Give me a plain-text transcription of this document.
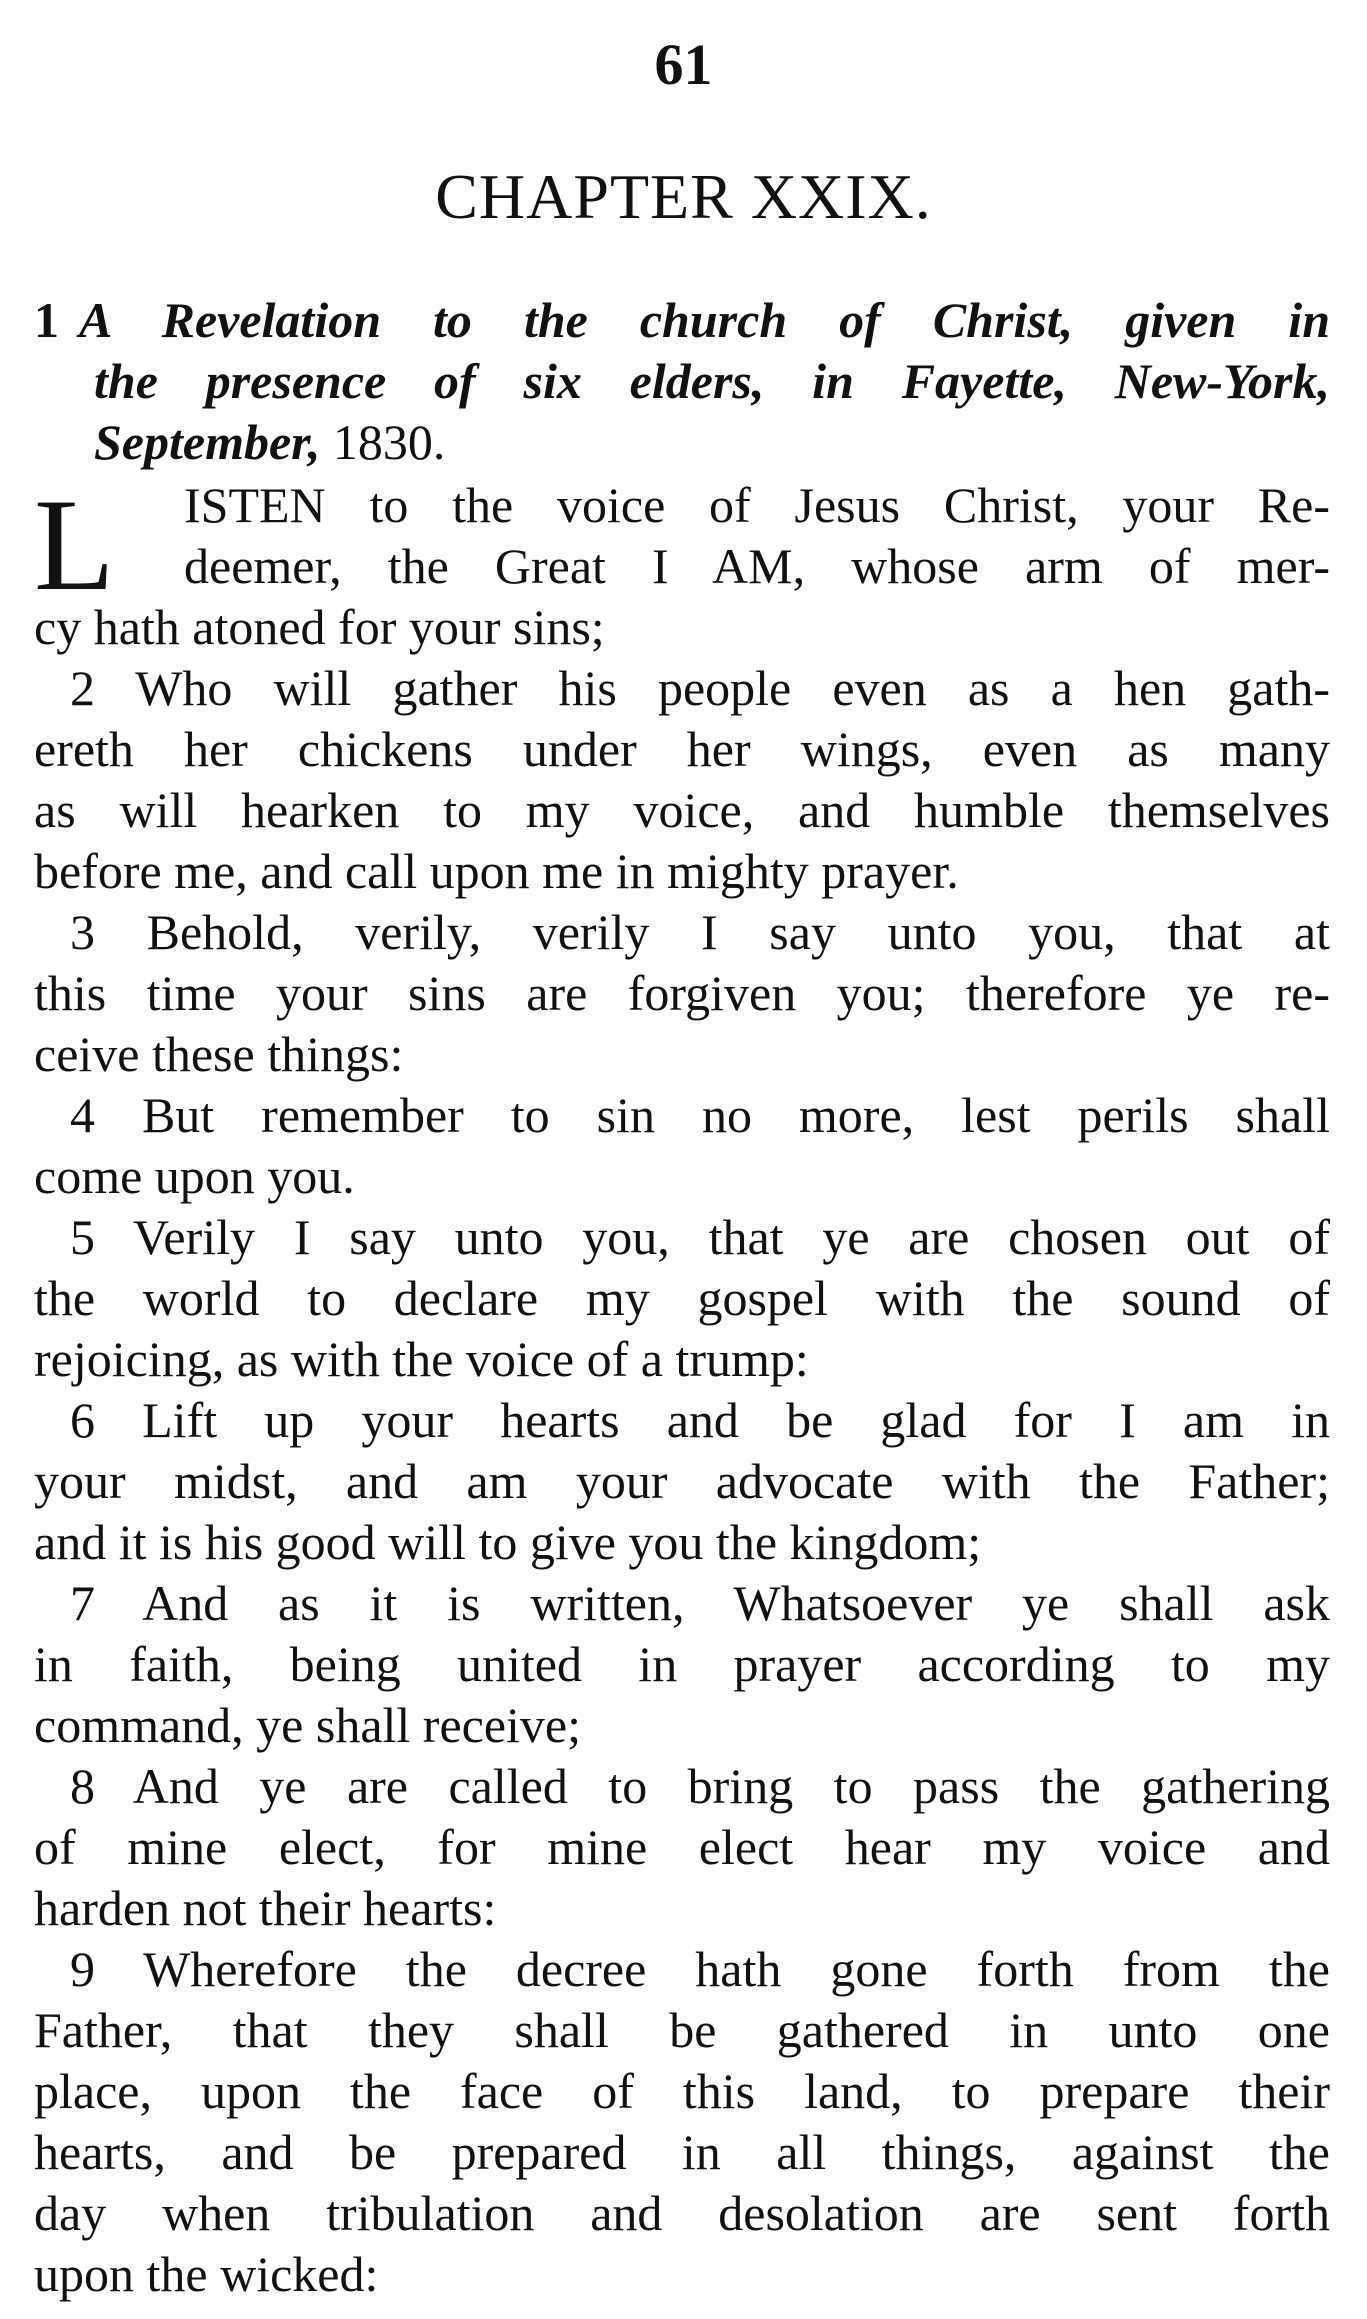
61
CHAPTER XXIX.
1 A Revelation to the church of Christ, given in
the presence of six elders, in Fayette, New-York,
September, 1830.
L	ISTEN to the voice of Jesus Christ, your Re-
deemer, the Great I AM, whose arm of mer-
cy hath atoned for your sins;
2 Who will gather his people even as a hen gath-
ereth her chickens under her wings, even as many
as will hearken to my voice, and humble themselves
before me, and call upon me in mighty prayer.
3 Behold, verily, verily I say unto you, that at
this time your sins are forgiven you; therefore ye re-
ceive these things:
4 But remember to sin no more, lest perils shall
come upon you.
5 Verily I say unto you, that ye are chosen out of
the world to declare my gospel with the sound of
rejoicing, as with the voice of a trump:
6 Lift up your hearts and be glad for I am in
your midst, and am your advocate with the Father;
and it is his good will to give you the kingdom;
7 And as it is written, Whatsoever ye shall ask
in faith, being united in prayer according to my
command, ye shall receive;
8 And ye are called to bring to pass the gathering
of mine elect, for mine elect hear my voice and
harden not their hearts:
9 Wherefore the decree hath gone forth from the
Father, that they shall be gathered in unto one
place, upon the face of this land, to prepare their
hearts, and be prepared in all things, against the
day when tribulation and desolation are sent forth
upon the wicked:
